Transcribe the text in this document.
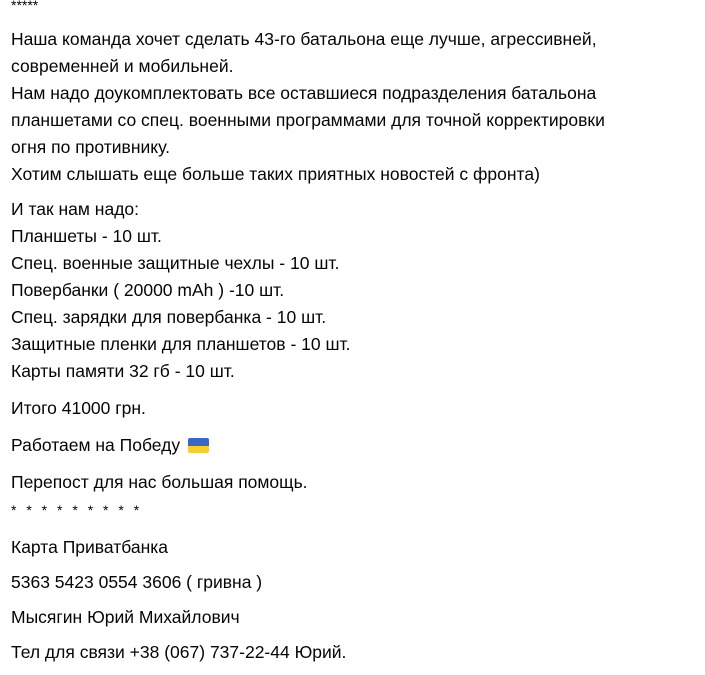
*****
Наша команда хочет сделать 43-го батальона еще лучше, агрессивней,
современней и мобильней.
Нам надо доукомплектовать все оставшиеся подразделения батальона
планшетами со спец. военными программами для точной корректировки
огня по противнику.
Хотим слышать еще больше таких приятных новостей с фронта)
И так нам надо:
Планшеты - 10 шт.
Спец. военные защитные чехлы - 10 шт.
Повербанки ( 20000 mAh ) -10 шт.
Спец. зарядки для повербанка - 10 шт.
Защитные пленки для планшетов - 10 шт.
Карты памяти 32 гб - 10 шт.
Итого 41000 грн.
Работаем на Победу
Перепост для нас большая помощь.
* * * * * * * * *
Карта Приватбанка
5363 5423 0554 3606 ( гривна )
Мысягин Юрий Михайлович
Тел для связи +38 (067) 737-22-44 Юрий.
